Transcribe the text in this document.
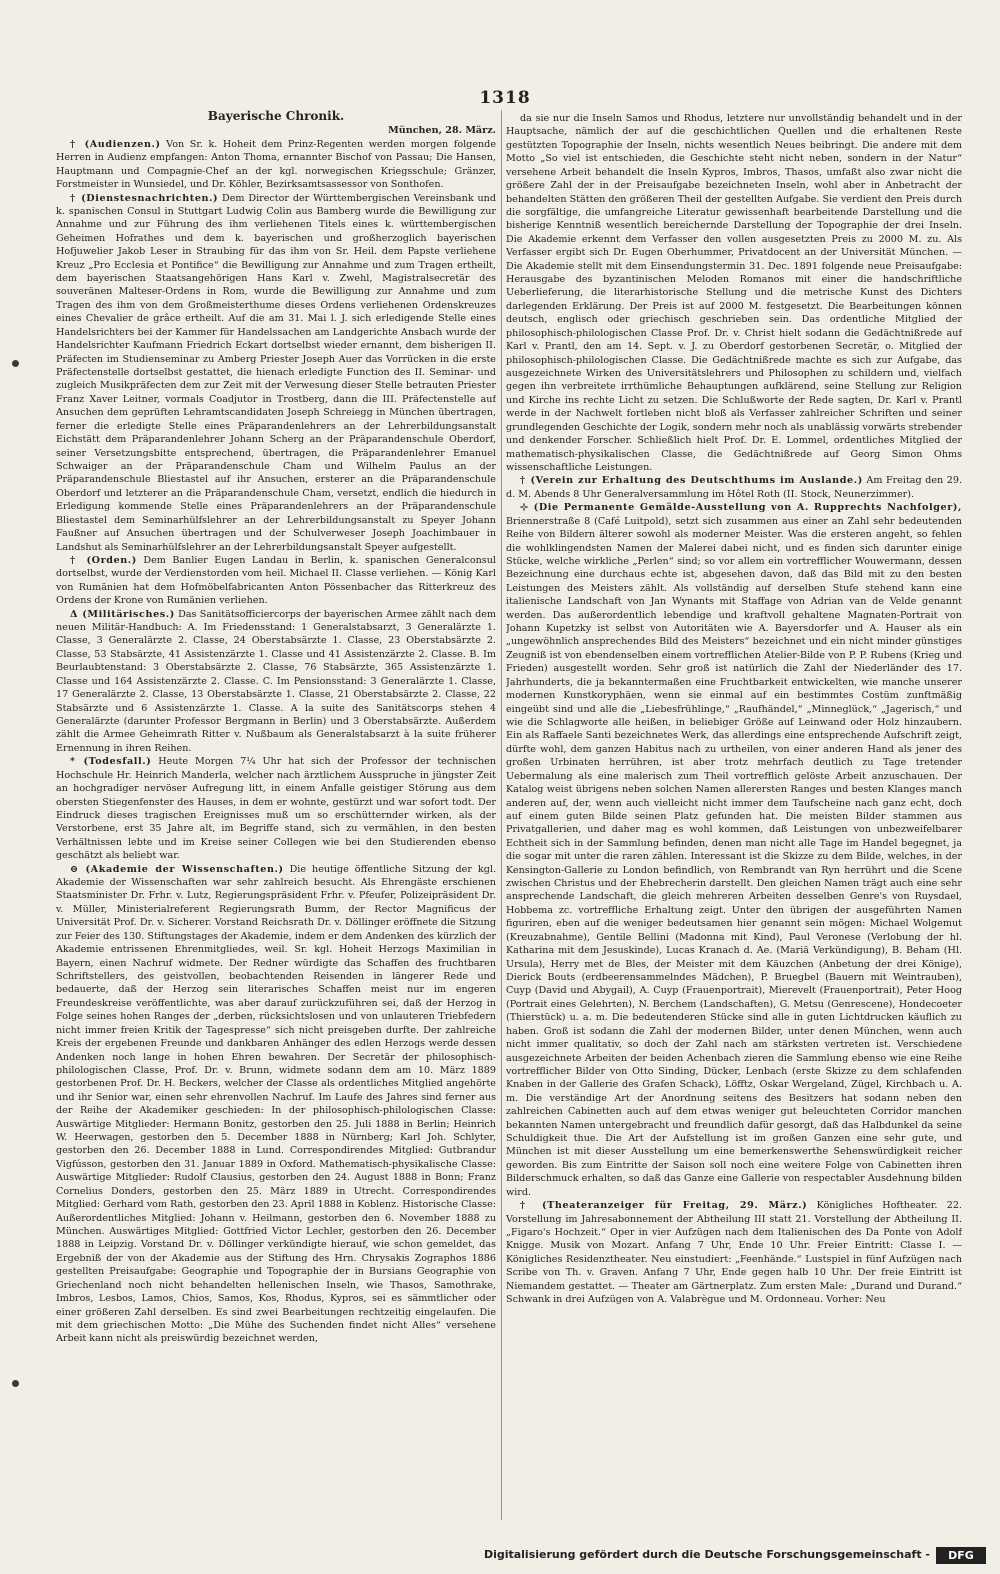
1318
Bayerische Chronik.
München, 28. März.

† (Audienzen.) Von Sr. k. Hoheit dem Prinz-Regenten werden morgen folgende Herren in Audienz empfangen: Anton Thoma, ernannter Bischof von Passau; Die Hansen, Hauptmann und Compagnie-Chef an der kgl. norwegischen Kriegsschule; Gränzer, Forstmeister in Wunsiedel, und Dr. Köhler, Bezirksamtsassessor von Sonthofen.

† (Dienstesnachrichten.) Dem Director der Württembergischen Vereinsbank und k. spanischen Consul in Stuttgart Ludwig Colin aus Bamberg wurde die Bewilligung zur Annahme und zur Führung des ihm verliehenen Titels eines k. württembergischen Geheimen Hofrathes und dem k. bayerischen und großherzoglich bayerischen Hofjuwelier Jakob Leser in Straubing für das ihm von Sr. Heil. dem Papste verliehene Kreuz „Pro Ecclesia et Pontifice“ die Bewilligung zur Annahme und zum Tragen ertheilt, dem bayerischen Staatsangehörigen Hans Karl v. Zwehl, Magistralsecretär des souveränen Malteser-Ordens in Rom, wurde die Bewilligung zur Annahme und zum Tragen des ihm von dem Großmeisterthume dieses Ordens verliehenen Ordenskreuzes eines Chevalier de grâce ertheilt. Auf die am 31. Mai l. J. sich erledigende Stelle eines Handelsrichters bei der Kammer für Handelssachen am Landgerichte Ansbach wurde der Handelsrichter Kaufmann Friedrich Eckart dortselbst wieder ernannt, dem bisherigen II. Präfecten im Studienseminar zu Amberg Priester Joseph Auer das Vorrücken in die erste Präfectenstelle dortselbst gestattet, die hienach erledigte Function des II. Seminar- und zugleich Musikpräfecten dem zur Zeit mit der Verwesung dieser Stelle betrauten Priester Franz Xaver Leitner, vormals Coadjutor in Trostberg, dann die III. Präfectenstelle auf Ansuchen dem geprüften Lehramtscandidaten Joseph Schreiegg in München übertragen, ferner die erledigte Stelle eines Präparandenlehrers an der Lehrerbildungsanstalt Eichstätt dem Präparandenlehrer Johann Scherg an der Präparandenschule Oberdorf, seiner Versetzungsbitte entsprechend, übertragen, die Präparandenlehrer Emanuel Schwaiger an der Präparandenschule Cham und Wilhelm Paulus an der Präparandenschule Bliestastel auf ihr Ansuchen, ersterer an die Präparandenschule Oberdorf und letzterer an die Präparandenschule Cham, versetzt, endlich die hiedurch in Erledigung kommende Stelle eines Präparandenlehrers an der Präparandenschule Bliestastel dem Seminarhülfslehrer an der Lehrerbildungsanstalt zu Speyer Johann Faußner auf Ansuchen übertragen und der Schulverweser Joseph Joachimbauer in Landshut als Seminarhülfslehrer an der Lehrerbildungsanstalt Speyer aufgestellt.

† (Orden.) Dem Banlier Eugen Landau in Berlin, k. spanischen Generalconsul dortselbst, wurde der Verdienstorden vom heil. Michael II. Classe verliehen. — König Karl von Rumänien hat dem Hofmöbelfabricanten Anton Pössenbacher das Ritterkreuz des Ordens der Krone von Rumänien verliehen.

Δ (Militärisches.) Das Sanitätsofficiercorps der bayerischen Armee zählt nach dem neuen Militär-Handbuch: A. Im Friedensstand: 1 Generalstabsarzt, 3 Generalärzte 1. Classe, 3 Generalärzte 2. Classe, 24 Oberstabsärzte 1. Classe, 23 Oberstabsärzte 2. Classe, 53 Stabsärzte, 41 Assistenzärzte 1. Classe und 41 Assistenzärzte 2. Classe. B. Im Beurlaubtenstand: 3 Oberstabsärzte 2. Classe, 76 Stabsärzte, 365 Assistenzärzte 1. Classe und 164 Assistenzärzte 2. Classe. C. Im Pensionsstand: 3 Generalärzte 1. Classe, 17 Generalärzte 2. Classe, 13 Oberstabsärzte 1. Classe, 21 Oberstabsärzte 2. Classe, 22 Stabsärzte und 6 Assistenzärzte 1. Classe. A la suite des Sanitätscorps stehen 4 Generalärzte (darunter Professor Bergmann in Berlin) und 3 Oberstabsärzte. Außerdem zählt die Armee Geheimrath Ritter v. Nußbaum als Generalstabsarzt à la suite früherer Ernennung in ihren Reihen.

* (Todesfall.) Heute Morgen 7¼ Uhr hat sich der Professor der technischen Hochschule Hr. Heinrich Manderla, welcher nach ärztlichem Ausspruche in jüngster Zeit an hochgradiger nervöser Aufregung litt, in einem Anfalle geistiger Störung aus dem obersten Stiegenfenster des Hauses, in dem er wohnte, gestürzt und war sofort todt. Der Eindruck dieses tragischen Ereignisses muß um so erschütternder wirken, als der Verstorbene, erst 35 Jahre alt, im Begriffe stand, sich zu vermählen, in den besten Verhältnissen lebte und im Kreise seiner Collegen wie bei den Studierenden ebenso geschätzt als beliebt war.

⊖ (Akademie der Wissenschaften.) Die heutige öffentliche Sitzung der kgl. Akademie der Wissenschaften war sehr zahlreich besucht. Als Ehrengäste erschienen Staatsminister Dr. Frhr. v. Lutz, Regierungspräsident Frhr. v. Pfeufer, Polizeipräsident Dr. v. Müller, Ministerialreferent Regierungsrath Bumm, der Rector Magnificus der Universität Prof. Dr. v. Sicherer. Vorstand Reichsrath Dr. v. Döllinger eröffnete die Sitzung zur Feier des 130. Stiftungstages der Akademie, indem er dem Andenken des kürzlich der Akademie entrissenen Ehrenmitgliedes, weil. Sr. kgl. Hoheit Herzogs Maximilian in Bayern, einen Nachruf widmete. Der Redner würdigte das Schaffen des fruchtbaren Schriftstellers, des geistvollen, beobachtenden Reisenden in längerer Rede und bedauerte, daß der Herzog sein literarisches Schaffen meist nur im engeren Freundeskreise veröffentlichte, was aber darauf zurückzuführen sei, daß der Herzog in Folge seines hohen Ranges der „derben, rücksichtslosen und von unlauteren Triebfedern nicht immer freien Kritik der Tagespresse“ sich nicht preisgeben durfte. Der zahlreiche Kreis der ergebenen Freunde und dankbaren Anhänger des edlen Herzogs werde dessen Andenken noch lange in hohen Ehren bewahren. Der Secretär der philosophisch-philologischen Classe, Prof. Dr. v. Brunn, widmete sodann dem am 10. März 1889 gestorbenen Prof. Dr. H. Beckers, welcher der Classe als ordentliches Mitglied angehörte und ihr Senior war, einen sehr ehrenvollen Nachruf. Im Laufe des Jahres sind ferner aus der Reihe der Akademiker geschieden: In der philosophisch-philologischen Classe: Auswärtige Mitglieder: Hermann Bonitz, gestorben den 25. Juli 1888 in Berlin; Heinrich W. Heerwagen, gestorben den 5. December 1888 in Nürnberg; Karl Joh. Schlyter, gestorben den 26. December 1888 in Lund. Correspondirendes Mitglied: Gutbrandur Vigfússon, gestorben den 31. Januar 1889 in Oxford. Mathematisch-physikalische Classe: Auswärtige Mitglieder: Rudolf Clausius, gestorben den 24. August 1888 in Bonn; Franz Cornelius Donders, gestorben den 25. März 1889 in Utrecht. Correspondirendes Mitglied: Gerhard vom Rath, gestorben den 23. April 1888 in Koblenz. Historische Classe: Außerordentliches Mitglied: Johann v. Heilmann, gestorben den 6. November 1888 zu München. Auswärtiges Mitglied: Gottfried Victor Lechler, gestorben den 26. December 1888 in Leipzig. Vorstand Dr. v. Döllinger verkündigte hierauf, wie schon gemeldet, das Ergebniß der von der Akademie aus der Stiftung des Hrn. Chrysakis Zographos 1886 gestellten Preisaufgabe: Geographie und Topographie der in Bursians Geographie von Griechenland noch nicht behandelten hellenischen Inseln, wie Thasos, Samothrake, Imbros, Lesbos, Lamos, Chios, Samos, Kos, Rhodus, Kypros, sei es sämmtlicher oder einer größeren Zahl derselben. Es sind zwei Bearbeitungen rechtzeitig eingelaufen. Die mit dem griechischen Motto: „Die Mühe des Suchenden findet nicht Alles“ versehene Arbeit kann nicht als preiswürdig bezeichnet werden,

da sie nur die Inseln Samos und Rhodus, letztere nur unvollständig behandelt und in der Hauptsache, nämlich der auf die geschichtlichen Quellen und die erhaltenen Reste gestützten Topographie der Inseln, nichts wesentlich Neues beibringt. Die andere mit dem Motto „So viel ist entschieden, die Geschichte steht nicht neben, sondern in der Natur“ versehene Arbeit behandelt die Inseln Kypros, Imbros, Thasos, umfaßt also zwar nicht die größere Zahl der in der Preisaufgabe bezeichneten Inseln, wohl aber in Anbetracht der behandelten Stätten den größeren Theil der gestellten Aufgabe. Sie verdient den Preis durch die sorgfältige, die umfangreiche Literatur gewissenhaft bearbeitende Darstellung und die bisherige Kenntniß wesentlich bereichernde Darstellung der Topographie der drei Inseln. Die Akademie erkennt dem Verfasser den vollen ausgesetzten Preis zu 2000 M. zu. Als Verfasser ergibt sich Dr. Eugen Oberhummer, Privatdocent an der Universität München. — Die Akademie stellt mit dem Einsendungstermin 31. Dec. 1891 folgende neue Preisaufgabe: Herausgabe des byzantinischen Meloden Romanos mit einer die handschriftliche Ueberlieferung, die literarhistorische Stellung und die metrische Kunst des Dichters darlegenden Erklärung. Der Preis ist auf 2000 M. festgesetzt. Die Bearbeitungen können deutsch, englisch oder griechisch geschrieben sein. Das ordentliche Mitglied der philosophisch-philologischen Classe Prof. Dr. v. Christ hielt sodann die Gedächtnißrede auf Karl v. Prantl, den am 14. Sept. v. J. zu Oberdorf gestorbenen Secretär, o. Mitglied der philosophisch-philologischen Classe. Die Gedächtnißrede machte es sich zur Aufgabe, das ausgezeichnete Wirken des Universitätslehrers und Philosophen zu schildern und, vielfach gegen ihn verbreitete irrthümliche Behauptungen aufklärend, seine Stellung zur Religion und Kirche ins rechte Licht zu setzen. Die Schlußworte der Rede sagten, Dr. Karl v. Prantl werde in der Nachwelt fortleben nicht bloß als Verfasser zahlreicher Schriften und seiner grundlegenden Geschichte der Logik, sondern mehr noch als unablässig vorwärts strebender und denkender Forscher. Schließlich hielt Prof. Dr. E. Lommel, ordentliches Mitglied der mathematisch-physikalischen Classe, die Gedächtnißrede auf Georg Simon Ohms wissenschaftliche Leistungen.

† (Verein zur Erhaltung des Deutschthums im Auslande.) Am Freitag den 29. d. M. Abends 8 Uhr Generalversammlung im Hôtel Roth (II. Stock, Neunerzimmer).

⊹ (Die Permanente Gemälde-Ausstellung von A. Rupprechts Nachfolger), Briennerstraße 8 (Café Luitpold), setzt sich zusammen aus einer an Zahl sehr bedeutenden Reihe von Bildern älterer sowohl als moderner Meister. Was die ersteren angeht, so fehlen die wohlklingendsten Namen der Malerei dabei nicht, und es finden sich darunter einige Stücke, welche wirkliche „Perlen“ sind; so vor allem ein vortrefflicher Wouwermann, dessen Bezeichnung eine durchaus echte ist, abgesehen davon, daß das Bild mit zu den besten Leistungen des Meisters zählt. Als vollständig auf derselben Stufe stehend kann eine italienische Landschaft von Jan Wynants mit Staffage von Adrian van de Velde genannt werden. Das außerordentlich lebendige und kraftvoll gehaltene Magnaten-Portrait von Johann Kupetzky ist selbst von Autoritäten wie A. Bayersdorfer und A. Hauser als ein „ungewöhnlich ansprechendes Bild des Meisters“ bezeichnet und ein nicht minder günstiges Zeugniß ist von ebendenselben einem vortrefflichen Atelier-Bilde von P. P. Rubens (Krieg und Frieden) ausgestellt worden. Sehr groß ist natürlich die Zahl der Niederländer des 17. Jahrhunderts, die ja bekanntermaßen eine Fruchtbarkeit entwickelten, wie manche unserer modernen Kunstkoryphäen, wenn sie einmal auf ein bestimmtes Costüm zunftmäßig eingeübt sind und alle die „Liebesfrühlinge,“ „Raufhändel,“ „Minneglück,“ „Jagerisch,“ und wie die Schlagworte alle heißen, in beliebiger Größe auf Leinwand oder Holz hinzaubern. Ein als Raffaele Santi bezeichnetes Werk, das allerdings eine entsprechende Aufschrift zeigt, dürfte wohl, dem ganzen Habitus nach zu urtheilen, von einer anderen Hand als jener des großen Urbinaten herrühren, ist aber trotz mehrfach deutlich zu Tage tretender Uebermalung als eine malerisch zum Theil vortrefflich gelöste Arbeit anzuschauen. Der Katalog weist übrigens neben solchen Namen allerersten Ranges und besten Klanges manch anderen auf, der, wenn auch vielleicht nicht immer dem Taufscheine nach ganz echt, doch auf einem guten Bilde seinen Platz gefunden hat. Die meisten Bilder stammen aus Privatgallerien, und daher mag es wohl kommen, daß Leistungen von unbezweifelbarer Echtheit sich in der Sammlung befinden, denen man nicht alle Tage im Handel begegnet, ja die sogar mit unter die raren zählen. Interessant ist die Skizze zu dem Bilde, welches, in der Kensington-Gallerie zu London befindlich, von Rembrandt van Ryn herrührt und die Scene zwischen Christus und der Ehebrecherin darstellt. Den gleichen Namen trägt auch eine sehr ansprechende Landschaft, die gleich mehreren Arbeiten desselben Genre's von Ruysdael, Hobbema zc. vortreffliche Erhaltung zeigt. Unter den übrigen der ausgeführten Namen figuriren, eben auf die weniger bedeutsamen hier genannt sein mögen: Michael Wolgemut (Kreuzabnahme), Gentile Bellini (Madonna mit Kind), Paul Veronese (Verlobung der hl. Katharina mit dem Jesuskinde), Lucas Kranach d. Ae. (Mariä Verkündigung), B. Beham (Hl. Ursula), Herry met de Bles, der Meister mit dem Käuzchen (Anbetung der drei Könige), Dierick Bouts (erdbeerensammelndes Mädchen), P. Bruegbel (Bauern mit Weintrauben), Cuyp (David und Abygail), A. Cuyp (Frauenportrait), Mierevelt (Frauenportrait), Peter Hoog (Portrait eines Gelehrten), N. Berchem (Landschaften), G. Metsu (Genrescene), Hondecoeter (Thierstück) u. a. m. Die bedeutenderen Stücke sind alle in guten Lichtdrucken käuflich zu haben. Groß ist sodann die Zahl der modernen Bilder, unter denen München, wenn auch nicht immer qualitativ, so doch der Zahl nach am stärksten vertreten ist. Verschiedene ausgezeichnete Arbeiten der beiden Achenbach zieren die Sammlung ebenso wie eine Reihe vortrefflicher Bilder von Otto Sinding, Dücker, Lenbach (erste Skizze zu dem schlafenden Knaben in der Gallerie des Grafen Schack), Löfftz, Oskar Wergeland, Zügel, Kirchbach u. A. m. Die verständige Art der Anordnung seitens des Besitzers hat sodann neben den zahlreichen Cabinetten auch auf dem etwas weniger gut beleuchteten Corridor manchen bekannten Namen untergebracht und freundlich dafür gesorgt, daß das Halbdunkel da seine Schuldigkeit thue. Die Art der Aufstellung ist im großen Ganzen eine sehr gute, und München ist mit dieser Ausstellung um eine bemerkenswerthe Sehenswürdigkeit reicher geworden. Bis zum Eintritte der Saison soll noch eine weitere Folge von Cabinetten ihren Bilderschmuck erhalten, so daß das Ganze eine Gallerie von respectabler Ausdehnung bilden wird.

† (Theateranzeiger für Freitag, 29. März.) Königliches Hoftheater. 22. Vorstellung im Jahresabonnement der Abtheilung III statt 21. Vorstellung der Abtheilung II. „Figaro's Hochzeit.“ Oper in vier Aufzügen nach dem Italienischen des Da Ponte von Adolf Knigge. Musik von Mozart. Anfang 7 Uhr, Ende 10 Uhr. Freier Eintritt: Classe I. — Königliches Residenztheater. Neu einstudiert: „Feenhände.“ Lustspiel in fünf Aufzügen nach Scribe von Th. v. Graven. Anfang 7 Uhr, Ende gegen halb 10 Uhr. Der freie Eintritt ist Niemandem gestattet. — Theater am Gärtnerplatz. Zum ersten Male: „Durand und Durand.“ Schwank in drei Aufzügen von A. Valabrègue und M. Ordonneau. Vorher: Neu

Digitalisierung gefördert durch die Deutsche Forschungsgemeinschaft -	DFG
